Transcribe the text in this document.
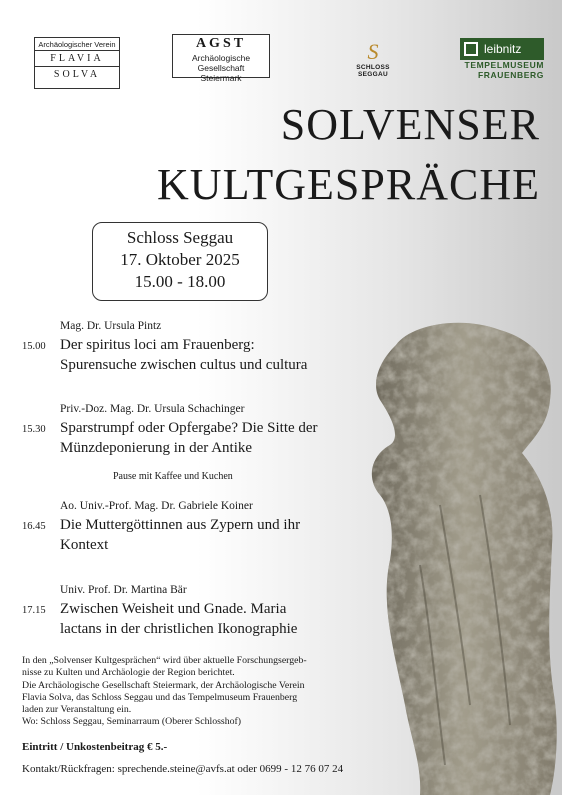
Archäologischer Verein
FLAVIA
SOLVA
AGST
Archäologische Gesellschaft
Steiermark
S
SCHLOSS SEGGAU
leibnitz
TEMPELMUSEUM
FRAUENBERG
SOLVENSER
KULTGESPRÄCHE
Schloss Seggau
17. Oktober 2025
15.00 - 18.00
Mag. Dr. Ursula Pintz
15.00 Der spiritus loci am Frauenberg:
Spurensuche zwischen cultus und cultura
Priv.-Doz. Mag. Dr. Ursula Schachinger
15.30 Sparstrumpf oder Opfergabe? Die Sitte der
Münzdeponierung in der Antike
Pause mit Kaffee und Kuchen
Ao. Univ.-Prof. Mag. Dr. Gabriele Koiner
16.45 Die Muttergöttinnen aus Zypern und ihr
Kontext
Univ. Prof. Dr. Martina Bär
17.15 Zwischen Weisheit und Gnade. Maria
lactans in der christlichen Ikonographie
In den „Solvenser Kultgesprächen“ wird über aktuelle Forschungsergeb-
nisse zu Kulten und Archäologie der Region berichtet.
Die Archäologische Gesellschaft Steiermark, der Archäologische Verein
Flavia Solva, das Schloss Seggau und das Tempelmuseum Frauenberg
laden zur Veranstaltung ein.
Wo: Schloss Seggau, Seminarraum (Oberer Schlosshof)
Eintritt / Unkostenbeitrag € 5.-
Kontakt/Rückfragen: sprechende.steine@avfs.at oder 0699 - 12 76 07 24
